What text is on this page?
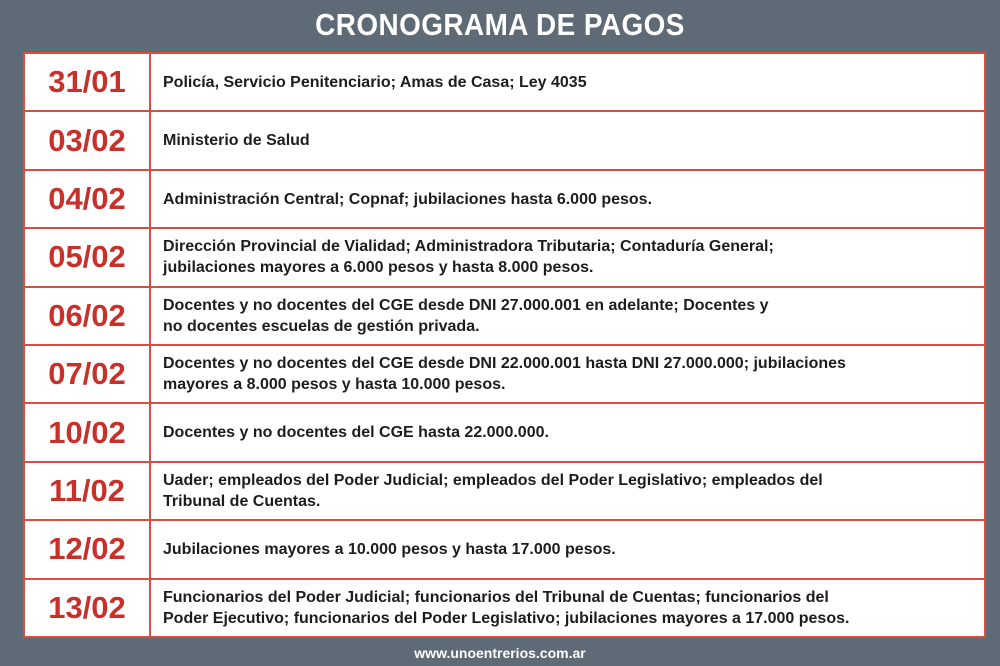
CRONOGRAMA DE PAGOS
31/01	Policía, Servicio Penitenciario; Amas de Casa; Ley 4035
03/02	Ministerio de Salud
04/02	Administración Central; Copnaf; jubilaciones hasta 6.000 pesos.
05/02	Dirección Provincial de Vialidad; Administradora Tributaria; Contaduría General;
jubilaciones mayores a 6.000 pesos y hasta 8.000 pesos.
06/02	Docentes y no docentes del CGE desde DNI 27.000.001 en adelante; Docentes y
no docentes escuelas de gestión privada.
07/02	Docentes y no docentes del CGE desde DNI 22.000.001 hasta DNI 27.000.000; jubilaciones
mayores a 8.000 pesos y hasta 10.000 pesos.
10/02	Docentes y no docentes del CGE hasta 22.000.000.
11/02	Uader; empleados del Poder Judicial; empleados del Poder Legislativo; empleados del
Tribunal de Cuentas.
12/02	Jubilaciones mayores a 10.000 pesos y hasta 17.000 pesos.
13/02	Funcionarios del Poder Judicial; funcionarios del Tribunal de Cuentas; funcionarios del
Poder Ejecutivo; funcionarios del Poder Legislativo; jubilaciones mayores a 17.000 pesos.
www.unoentrerios.com.ar
